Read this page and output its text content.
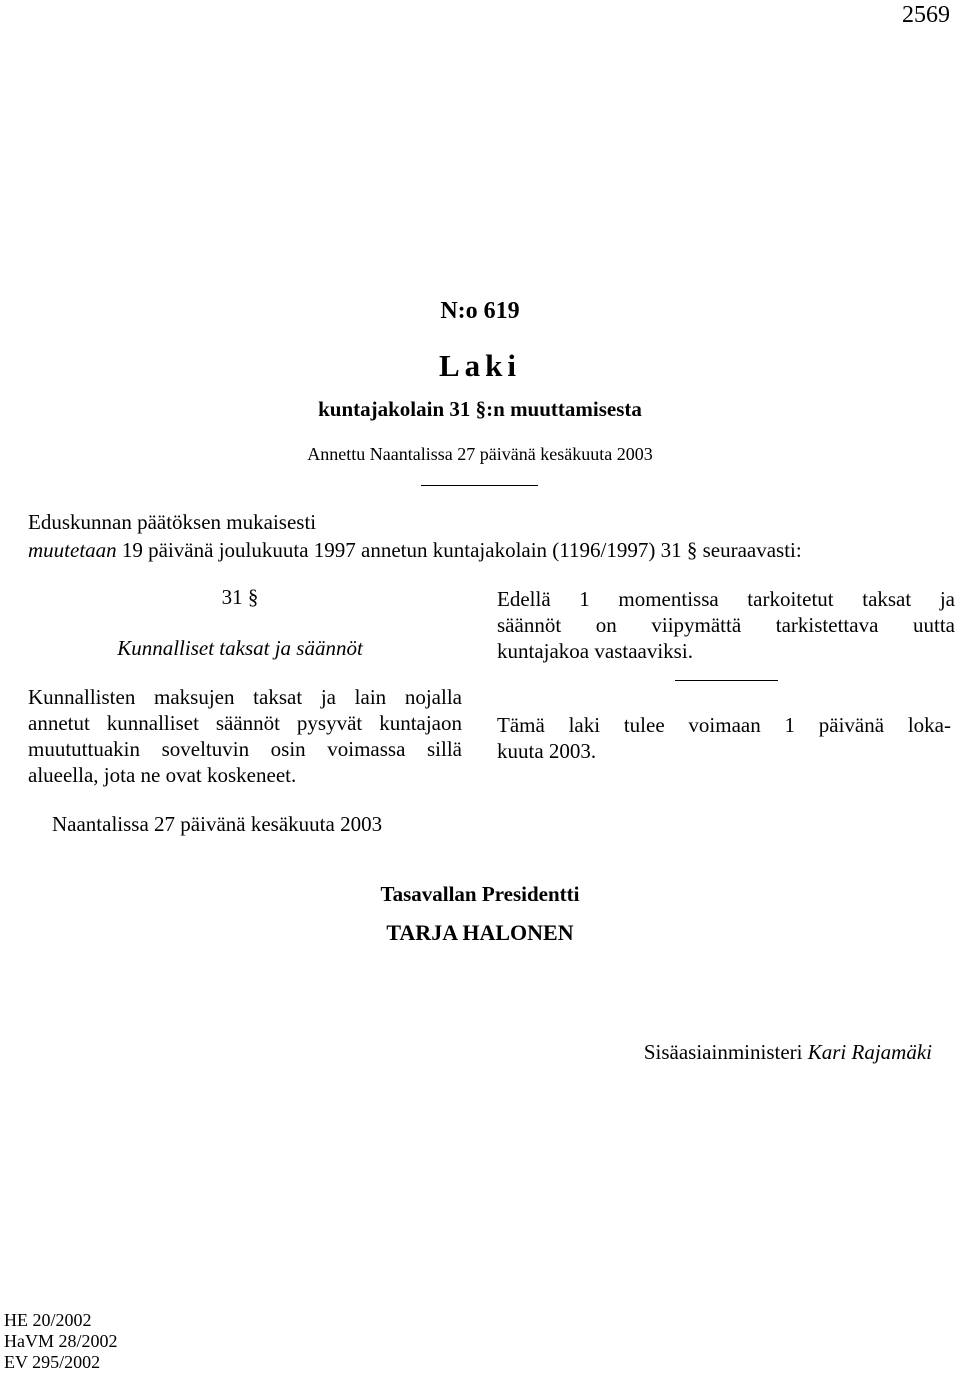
2569
N:o 619
Laki
kuntajakolain 31 §:n muuttamisesta
Annettu Naantalissa 27 päivänä kesäkuuta 2003
Eduskunnan päätöksen mukaisesti
muutetaan 19 päivänä joulukuuta 1997 annetun kuntajakolain (1196/1997) 31 § seuraavasti:
31 §
Kunnalliset taksat ja säännöt
Kunnallisten maksujen taksat ja lain nojalla
annetut kunnalliset säännöt pysyvät kuntajaon
muututtuakin soveltuvin osin voimassa sillä
alueella, jota ne ovat koskeneet.
Edellä 1 momentissa tarkoitetut taksat ja
säännöt on viipymättä tarkistettava uutta
kuntajakoa vastaaviksi.
Tämä laki tulee voimaan 1 päivänä loka-
kuuta 2003.
Naantalissa 27 päivänä kesäkuuta 2003
Tasavallan Presidentti
TARJA HALONEN
Sisäasiainministeri Kari Rajamäki
HE 20/2002
HaVM 28/2002
EV 295/2002
